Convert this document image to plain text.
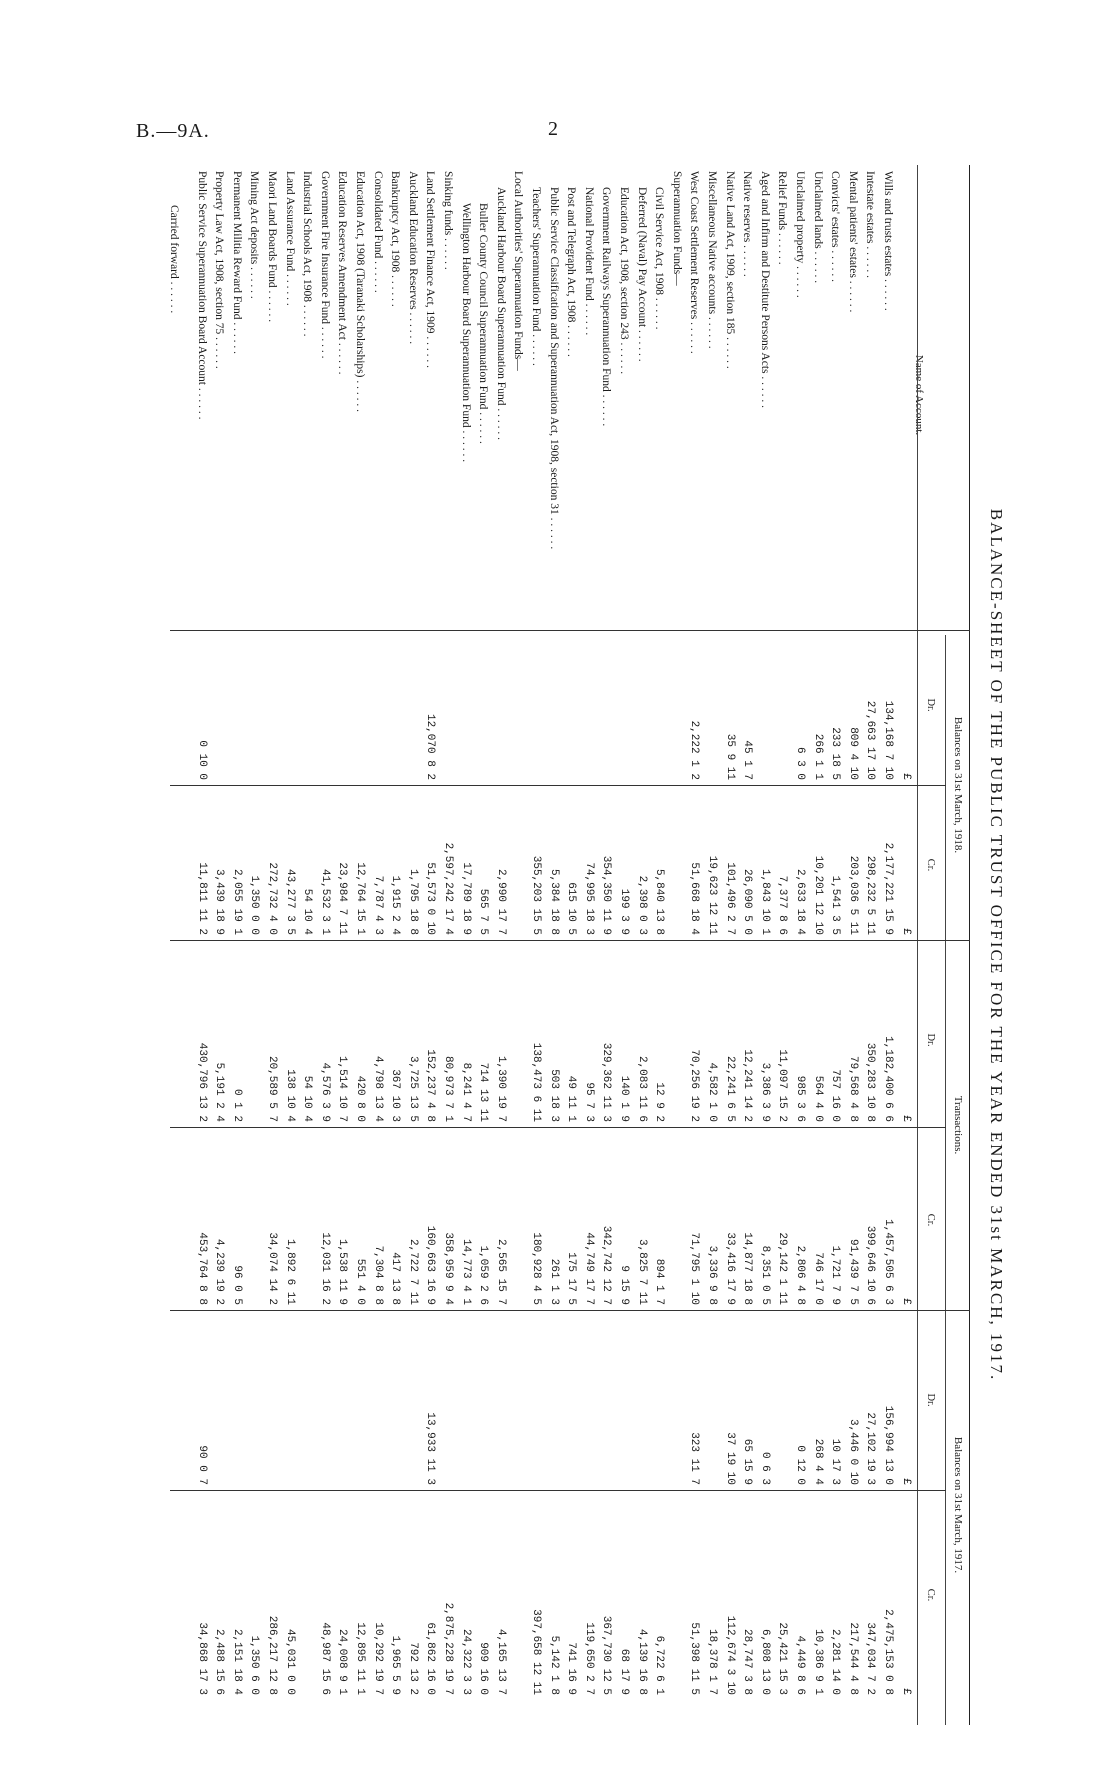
B.—9A.	2
BALANCE-SHEET OF THE PUBLIC TRUST OFFICE FOR THE YEAR ENDED 31st MARCH, 1917.
Balances on 31st March, 1918.
Transactions.
Balances on 31st March, 1917.
Name of Account.
Dr.
Cr.
Dr.
Cr.
Dr.
Cr.
£
£
£
£
£
£
Wills and trusts estates . . . . . .
134,168 7 10
2,177,221 15 9
1,182,400 6 6
1,457,505 6 3
156,994 13 0
2,475,153 0 8
Intestate estates . . . . . .
27,663 17 10
298,232 5 11
350,283 10 8
399,646 10 6
27,102 19 3
347,034 7 2
Mental patients' estates . . . . . .
809 4 10
203,036 5 11
79,568 4 8
91,439 7 5
3,446 0 10
217,544 4 8
Convicts' estates . . . . . .
233 18 5
1,541 3 5
757 16 0
1,721 7 9
10 17 3
2,281 14 0
Unclaimed lands . . . . . .
266 1 1
10,201 12 10
564 4 0
746 17 0
268 4 4
10,386 9 1
Unclaimed property . . . . . .
6 3 0
2,633 18 4
985 3 6
2,806 4 8
0 12 0
4,449 8 6
Relief Funds . . . . . .
7,377 8 6
11,097 15 2
29,142 1 11
25,421 15 3
Aged and Infirm and Destitute Persons Acts . . . . . .
1,843 10 1
3,386 3 9
8,351 0 5
0 6 3
6,808 13 0
Native reserves . . . . . .
45 1 7
26,090 5 0
12,241 14 2
14,877 18 8
65 15 9
28,747 3 8
Native Land Act, 1909, section 185 . . . . . .
35 9 11
101,496 2 7
22,241 6 5
33,416 17 9
37 19 10
112,674 3 10
Miscellaneous Native accounts . . . . . .
19,623 12 11
4,582 1 0
3,336 9 8
18,378 1 7
West Coast Settlement Reserves . . . . . .
2,222 1 2
51,668 18 4
70,256 19 2
71,795 1 10
323 11 7
51,398 11 5
Superannuation Funds—
Civil Service Act, 1908 . . . . . .
5,840 13 8
12 9 2
894 1 7
6,722 6 1
Deferred (Naval) Pay Account . . . . . .
2,398 0 3
2,083 11 6
3,825 7 11
4,139 16 8
Education Act, 1908, section 243 . . . . . .
199 3 9
140 1 9
9 15 9
68 17 9
Government Railways Superannuation Fund . . . . . .
354,350 11 9
329,362 11 3
342,742 12 7
367,730 12 5
National Provident Fund . . . . . .
74,995 18 3
95 7 3
44,749 17 7
119,650 2 7
Post and Telegraph Act, 1908 . . . . . .
615 10 5
49 11 1
175 17 5
741 16 9
Public Service Classification and Superannuation Act, 1908, section 31 . . . . . .
5,384 18 8
503 18 3
261 1 3
5,142 1 8
Teachers' Superannuation Fund . . . . . .
355,203 15 5
138,473 6 11
180,928 4 5
397,658 12 11
Local Authorities' Superannuation Funds—
Auckland Harbour Board Superannuation Fund . . . . . .
2,990 17 7
1,390 19 7
2,565 15 7
4,165 13 7
Buller County Council Superannuation Fund . . . . . .
565 7 5
714 13 11
1,059 2 6
909 16 0
Wellington Harbour Board Superannuation Fund . . . . . .
17,789 18 9
8,241 4 7
14,773 4 1
24,322 3 3
Sinking funds . . . . . .
2,597,242 17 4
80,973 7 1
358,959 9 4
2,875,228 19 7
Land Settlement Finance Act, 1909 . . . . . .
12,070 8 2
51,573 0 10
152,237 4 8
160,663 16 9
13,933 11 3
61,862 16 0
Auckland Education Reserves . . . . . .
1,795 18 8
3,725 13 5
2,722 7 11
792 13 2
Bankruptcy Act, 1908 . . . . . .
1,915 2 4
367 10 3
417 13 8
1,965 5 9
Consolidated Fund . . . . . .
7,787 4 3
4,798 13 4
7,304 8 8
10,292 19 7
Education Act, 1908 (Taranaki Scholarships) . . . . . .
12,764 15 1
420 8 0
551 4 0
12,895 11 1
Education Reserves Amendment Act . . . . . .
23,984 7 11
1,514 10 7
1,538 11 9
24,008 9 1
Government Fire Insurance Fund . . . . . .
41,532 3 1
4,576 3 9
12,031 16 2
48,987 15 6
Industrial Schools Act, 1908 . . . . . .
54 10 4
54 10 4
Land Assurance Fund . . . . . .
43,277 3 5
138 10 4
1,892 6 11
45,031 0 0
Maori Land Boards Fund . . . . . .
272,732 4 0
20,589 5 7
34,074 14 2
286,217 12 8
Mining Act deposits . . . . . .
1,350 0 0
1,350 6 0
Permanent Militia Reward Fund . . . . . .
2,055 19 1
0 1 2
96 0 5
2,151 18 4
Property Law Act, 1908, section 75 . . . . . .
3,439 18 9
5,191 2 4
4,239 19 2
2,488 15 6
Public Service Superannuation Board Account . . . . . .
0 10 0
11,811 11 2
430,796 13 2
453,764 8 8
90 0 7
34,868 17 3
Carried forward . . . . . .
